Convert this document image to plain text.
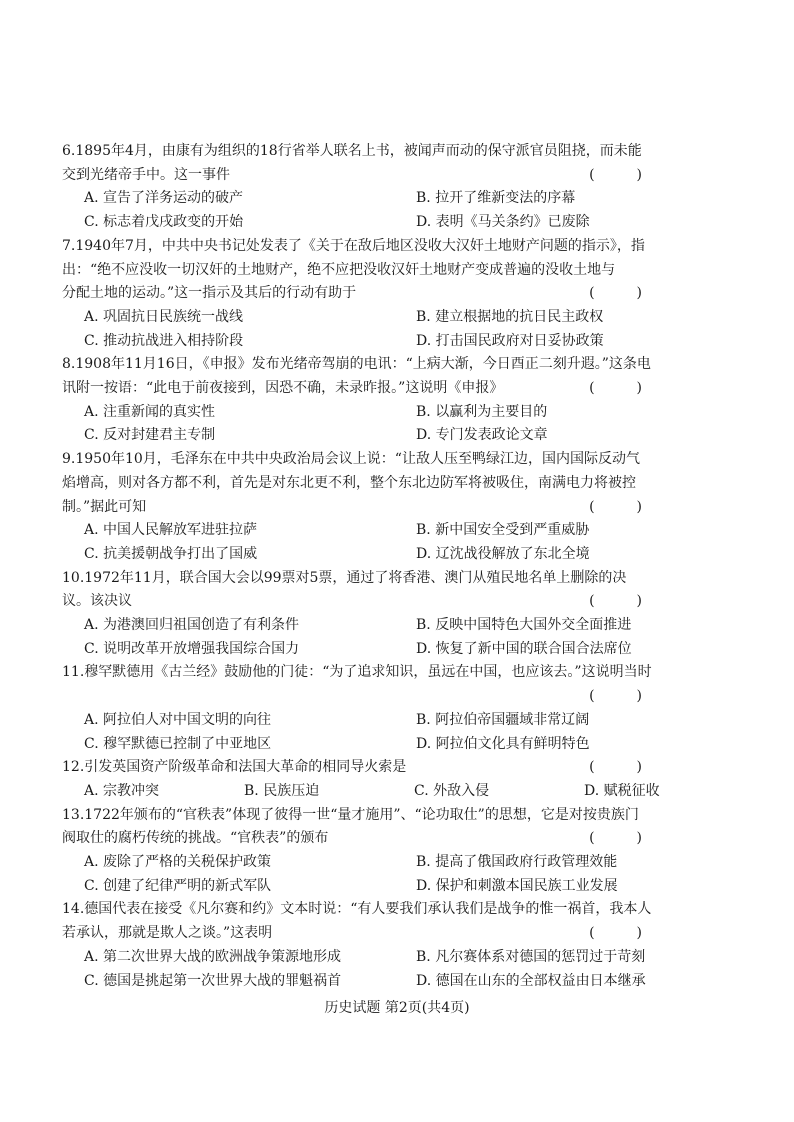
6.1895年4月，由康有为组织的18行省举人联名上书，被闻声而动的保守派官员阻挠，而未能
交到光绪帝手中。这一事件	(　)
A. 宣告了洋务运动的破产	B. 拉开了维新变法的序幕
C. 标志着戊戌政变的开始	D. 表明《马关条约》已废除
7.1940年7月，中共中央书记处发表了《关于在敌后地区没收大汉奸土地财产问题的指示》，指
出：“绝不应没收一切汉奸的土地财产，绝不应把没收汉奸土地财产变成普遍的没收土地与
分配土地的运动。”这一指示及其后的行动有助于	(　)
A. 巩固抗日民族统一战线	B. 建立根据地的抗日民主政权
C. 推动抗战进入相持阶段	D. 打击国民政府对日妥协政策
8.1908年11月16日，《申报》发布光绪帝驾崩的电讯：“上病大渐，今日酉正二刻升遐。”这条电
讯附一按语：“此电于前夜接到，因恐不确，未录昨报。”这说明《申报》	(　)
A. 注重新闻的真实性	B. 以赢利为主要目的
C. 反对封建君主专制	D. 专门发表政论文章
9.1950年10月，毛泽东在中共中央政治局会议上说：“让敌人压至鸭绿江边，国内国际反动气
焰增高，则对各方都不利，首先是对东北更不利，整个东北边防军将被吸住，南满电力将被控
制。”据此可知	(　)
A. 中国人民解放军进驻拉萨	B. 新中国安全受到严重威胁
C. 抗美援朝战争打出了国威	D. 辽沈战役解放了东北全境
10.1972年11月，联合国大会以99票对5票，通过了将香港、澳门从殖民地名单上删除的决
议。该决议	(　)
A. 为港澳回归祖国创造了有利条件	B. 反映中国特色大国外交全面推进
C. 说明改革开放增强我国综合国力	D. 恢复了新中国的联合国合法席位
11.穆罕默德用《古兰经》鼓励他的门徒：“为了追求知识，虽远在中国，也应该去。”这说明当时
(　)
A. 阿拉伯人对中国文明的向往	B. 阿拉伯帝国疆域非常辽阔
C. 穆罕默德已控制了中亚地区	D. 阿拉伯文化具有鲜明特色
12.引发英国资产阶级革命和法国大革命的相同导火索是	(　)
A. 宗教冲突	B. 民族压迫	C. 外敌入侵	D. 赋税征收
13.1722年颁布的“官秩表”体现了彼得一世“量才施用”、“论功取仕”的思想，它是对按贵族门
阀取仕的腐朽传统的挑战。“官秩表”的颁布	(　)
A. 废除了严格的关税保护政策	B. 提高了俄国政府行政管理效能
C. 创建了纪律严明的新式军队	D. 保护和刺激本国民族工业发展
14.德国代表在接受《凡尔赛和约》文本时说：“有人要我们承认我们是战争的惟一祸首，我本人
若承认，那就是欺人之谈。”这表明	(　)
A. 第二次世界大战的欧洲战争策源地形成	B. 凡尔赛体系对德国的惩罚过于苛刻
C. 德国是挑起第一次世界大战的罪魁祸首	D. 德国在山东的全部权益由日本继承
历史试题 第2页(共4页)
